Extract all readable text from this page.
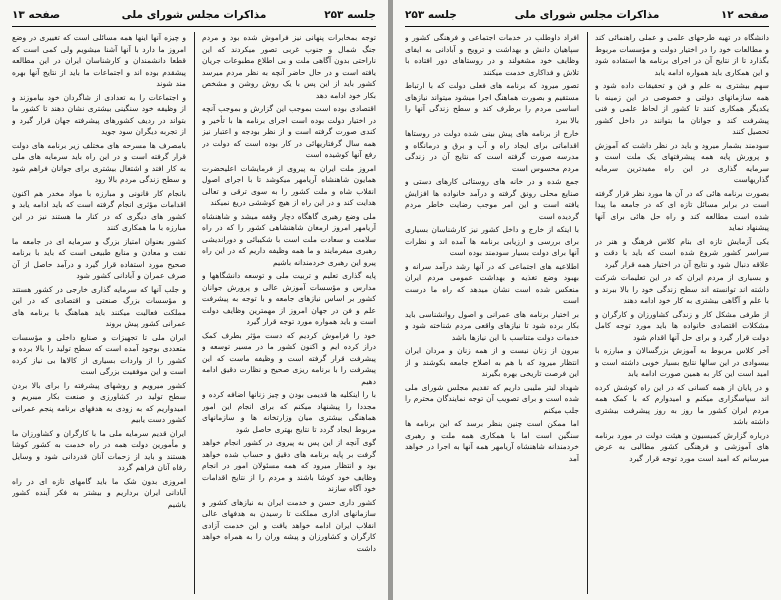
جلسه ۲۵۳
مذاکرات مجلس شورای ملی
صفحه ۱۳

توجه بمخابرات پنهانی نیز فراموش شده بود و مردم جنگ شمال و جنوب غربی تصور میکردند که این ناراحتی بدون آگاهی ملت و بی اطلاع مطبوعات جریان یافته است و در حال حاضر آنچه به نظر مردم میرسد کشور باید از این پس با یک روش روشن و مشخص بکار خود ادامه دهد

اقتصادی بوده است بموجب این گزارش و بموجب آنچه در اختیار دولت بوده است اجرای برنامه ها با تأخیر و کندی صورت گرفته است و از نظر بودجه و اعتبار نیز همه سال گرفتاریهائی در کار بوده است که دولت در رفع آنها کوشیده است

امروز ملت ایران به پیروی از فرمایشات اعلیحضرت همایون شاهنشاه آریامهر میکوشد تا با اجرای اصول انقلاب شاه و ملت کشور را به سوی ترقی و تعالی هدایت کند و در این راه از هیچ کوششی دریغ نمیکند

ملی وضع رهبری گاهگاه دچار وقفه میشد و شاهنشاه آریامهر امروز ارمغان شاهنشاهی کشور را که در راه سلامت و سعادت ملت است با شکیبائی و دوراندیشی رهبری میفرمایند و ما همه وظیفه داریم که در این راه پیرو این رهبری خردمندانه باشیم

پایه گذاری تعلیم و تربیت ملی و توسعه دانشگاهها و مدارس و مؤسسات آموزش عالی و پرورش جوانان کشور بر اساس نیازهای جامعه و با توجه به پیشرفت علم و فن در جهان امروز از مهمترین وظایف دولت است و باید همواره مورد توجه قرار گیرد

خود را فراموش کردیم که دست مؤثر بطرف کمک دراز کرده ایم و اکنون کشور ما در مسیر توسعه و پیشرفت قرار گرفته است و وظیفه ماست که این پیشرفت را با برنامه ریزی صحیح و نظارت دقیق ادامه دهیم

با را اینکلیه ها قدیمی بودن و چیز زنانها اضافه کرده و مجددا را پیشنهاد میکنم که برای انجام این امور هماهنگی بیشتری میان وزارتخانه ها و سازمانهای مربوط ایجاد گردد تا نتایج بهتری حاصل شود

گوی آنچه از این پس به پیروی در کشور انجام خواهد گرفت بر پایه برنامه های دقیق و حساب شده خواهد بود و انتظار میرود که همه مسئولان امور در انجام وظایف خود کوشا باشند و مردم را از نتایج اقدامات خود آگاه سازند

کشور داری حسن و خدمت ایران به نیازهای کشور و سازمانهای اداری مملکت تا رسیدن به هدفهای عالی انقلاب ایران ادامه خواهد یافت و این خدمت آزادی کارگران و کشاورزان و پیشه وران را به همراه خواهد داشت

و چیزه آنها اینها همه مسائلی است که تغییری در وضع امروز ما دارد با آنها آشنا میشویم ولی کمی است که قطعا دانشمندان و کارشناسان ایران در این مطالعه پیشقدم بوده اند و اجتماعات ما باید از نتایج آنها بهره مند شوند

و اجتماعات را به تعدادی از شاگردان خود بیاموزند و از وظیفه خود سنگینی بیشتری نشان دهند تا کشور ما بتواند در ردیف کشورهای پیشرفته جهان قرار گیرد و از تجربه دیگران سود جوید

بامصرف ها مسرحه های مختلف زیر برنامه های دولت قرار گرفته است و در این راه باید سرمایه های ملی به کار افتد و اشتغال بیشتری برای جوانان فراهم شود و سطح زندگی مردم بالا رود

بانجام کار قانونی و مبارزه با مواد مخدر هم اکنون اقدامات مؤثری انجام گرفته است که باید ادامه یابد و کشور های دیگری که در کنار ما هستند نیز در این مبارزه با ما همکاری کنند

کشور بعنوان امتیاز بزرگ و سرمایه ای در جامعه ما نفت و معادن و منابع طبیعی است که باید با برنامه صحیح مورد استفاده قرار گیرد و درآمد حاصل از آن صرف عمران و آبادانی کشور شود

و جلب آنها که سرمایه گذاری خارجی در کشور هستند و مؤسسات بزرگ صنعتی و اقتصادی که در این مملکت فعالیت میکنند باید هماهنگ با برنامه های عمرانی کشور پیش بروند

ایران ملی تا تجهیزات و صنایع داخلی و مؤسسات متعددی بوجود آمده است که سطح تولید را بالا برده و کشور را از واردات بسیاری از کالاها بی نیاز کرده است و این موفقیت بزرگی است

کشور میرویم و روشهای پیشرفته را برای بالا بردن سطح تولید در کشاورزی و صنعت بکار میبریم و امیدواریم که به زودی به هدفهای برنامه پنجم عمرانی کشور دست یابیم

ایران قدیم سرمایه ملی ما با کارگران و کشاورزان ما و مأمورین دولت همه در راه خدمت به کشور کوشا هستند و باید از زحمات آنان قدردانی شود و وسایل رفاه آنان فراهم گردد

امروزی بدون شک ما باید گامهای تازه ای در راه آبادانی ایران برداریم و بیشتر به فکر آینده کشور باشیم

صفحه ۱۲
مذاکرات مجلس شورای ملی
جلسه ۲۵۳

دانشگاه در تهیه طرحهای علمی و عملی راهنمائی کند و مطالعات خود را در اختیار دولت و مؤسسات مربوط بگذارد تا از نتایج آن در اجرای برنامه ها استفاده شود و این همکاری باید همواره ادامه یابد

سهم بیشتری به علم و فن و تحقیقات داده شود و همه سازمانهای دولتی و خصوصی در این زمینه با یکدیگر همکاری کنند تا کشور از لحاظ علمی و فنی پیشرفت کند و جوانان ما بتوانند در داخل کشور تحصیل کنند

سودمند بشمار میرود و باید در نظر داشت که آموزش و پرورش پایه همه پیشرفتهای یک ملت است و سرمایه گذاری در این راه مفیدترین سرمایه گذاریهاست

بصورت برنامه هائی که در آن ها مورد نظر قرار گرفته است در برابر مسائل تازه ای که در جامعه ما پیدا شده است مطالعه کند و راه حل هائی برای آنها پیشنهاد نماید

یکی آزمایش تازه ای بنام کلاس فرهنگ و هنر در سراسر کشور شروع شده است که باید با دقت و علاقه دنبال شود و نتایج آن در اختیار همه قرار گیرد

و بسیاری از مردم ایران که در این تعلیمات شرکت داشته اند توانسته اند سطح زندگی خود را بالا ببرند و با علم و آگاهی بیشتری به کار خود ادامه دهند

از طرفی مشکل کار و زندگی کشاورزان و کارگران و مشکلات اقتصادی خانواده ها باید مورد توجه کامل دولت قرار گیرد و برای حل آنها اقدام شود

آخر کلاس مربوط به آموزش بزرگسالان و مبارزه با بیسوادی در این سالها نتایج بسیار خوبی داشته است و امید است این کار به همین صورت ادامه یابد

و در پایان از همه کسانی که در این راه کوشش کرده اند سپاسگزاری میکنم و امیدوارم که با کمک همه مردم ایران کشور ما روز به روز پیشرفت بیشتری داشته باشد

درباره گزارش کمیسیون و هیئت دولت در مورد برنامه های آموزشی و فرهنگی کشور مطالبی به عرض میرسانم که امید است مورد توجه قرار گیرد

افراد داوطلب در خدمات اجتماعی و فرهنگی کشور و سپاهیان دانش و بهداشت و ترویج و آبادانی به ایفای وظایف خود مشغولند و در روستاهای دور افتاده با تلاش و فداکاری خدمت میکنند

تصور میرود که برنامه های فعلی دولت که با ارتباط مستقیم و بصورت هماهنگ اجرا میشود میتواند نیازهای اساسی مردم را برطرف کند و سطح زندگی آنها را بالا ببرد

خارج از برنامه های پیش بینی شده دولت در روستاها اقداماتی برای ایجاد راه و آب و برق و درمانگاه و مدرسه صورت گرفته است که نتایج آن در زندگی مردم محسوس است

جمع شده و در خانه های روستائی کارهای دستی و صنایع محلی رونق گرفته و درآمد خانواده ها افزایش یافته است و این امر موجب رضایت خاطر مردم گردیده است

با اینکه از خارج و داخل کشور نیز کارشناسان بسیاری برای بررسی و ارزیابی برنامه ها آمده اند و نظرات آنها برای دولت بسیار سودمند بوده است

اطلاعیه های اجتماعی که در آنها رشد درآمد سرانه و بهبود وضع تغذیه و بهداشت عمومی مردم ایران منعکس شده است نشان میدهد که راه ما درست است

بر اختیار برنامه های عمرانی و اصول روانشناسی باید بکار برده شود تا نیازهای واقعی مردم شناخته شود و خدمات دولت متناسب با این نیازها باشد

بیرون از زنان نیست و از همه زنان و مردان ایران انتظار میرود که با هم به اصلاح جامعه بکوشند و از این فرصت تاریخی بهره بگیرند

شهداد لیتر ملیبی داریم که تقدیم مجلس شورای ملی شده است و برای تصویب آن توجه نمایندگان محترم را جلب میکنم

اما ممکن است چنین بنظر برسد که این برنامه ها سنگین است اما با همکاری همه ملت و رهبری خردمندانه شاهنشاه آریامهر همه آنها به اجرا در خواهد آمد
